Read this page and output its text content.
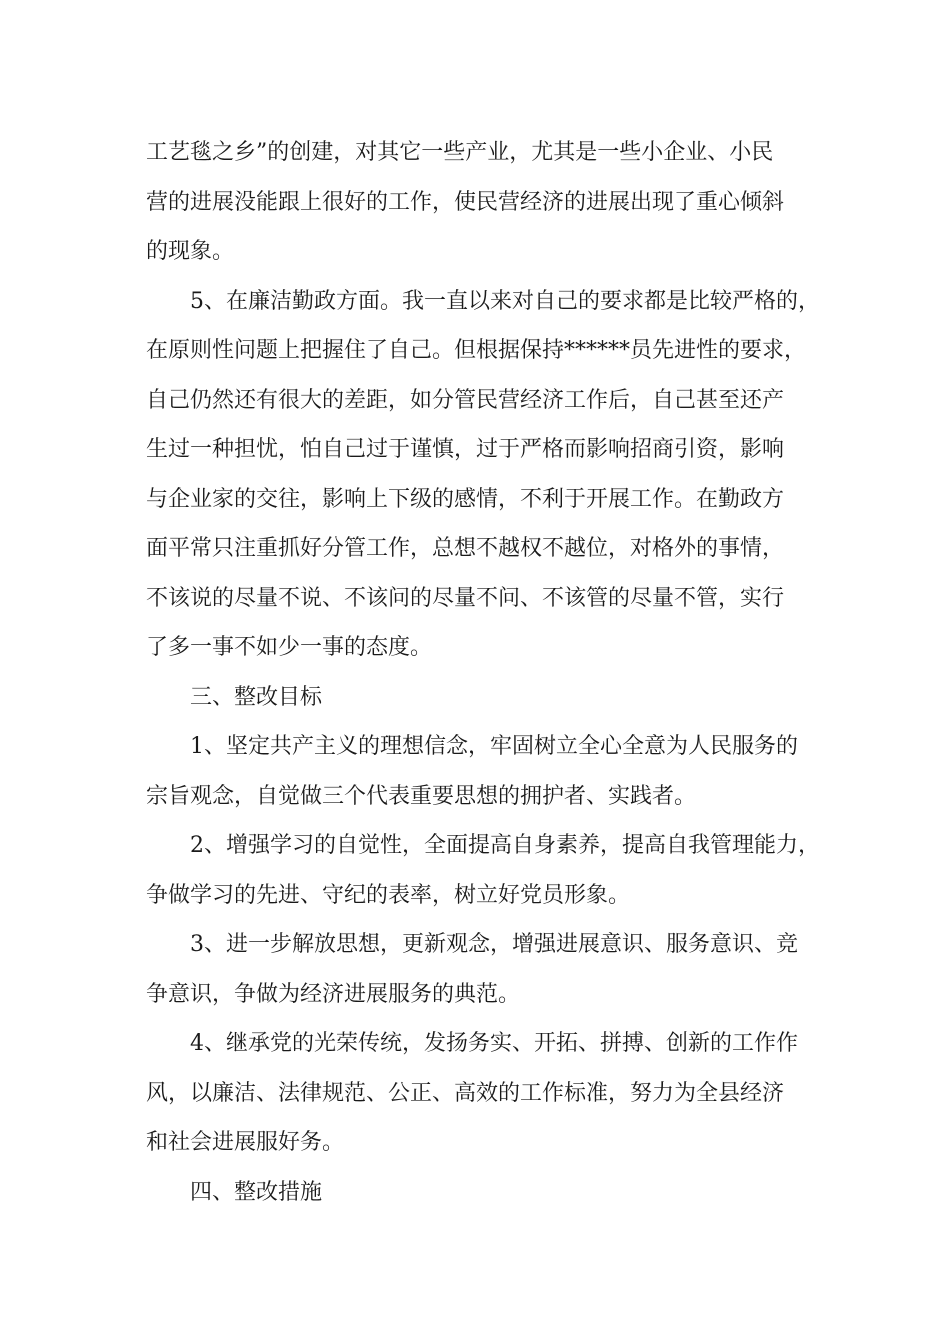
工艺毯之乡”的创建，对其它一些产业，尤其是一些小企业、小民
营的进展没能跟上很好的工作，使民营经济的进展出现了重心倾斜
的现象。
5、在廉洁勤政方面。我一直以来对自己的要求都是比较严格的，
在原则性问题上把握住了自己。但根据保持******员先进性的要求，
自己仍然还有很大的差距，如分管民营经济工作后，自己甚至还产
生过一种担忧，怕自己过于谨慎，过于严格而影响招商引资，影响
与企业家的交往，影响上下级的感情，不利于开展工作。在勤政方
面平常只注重抓好分管工作，总想不越权不越位，对格外的事情，
不该说的尽量不说、不该问的尽量不问、不该管的尽量不管，实行
了多一事不如少一事的态度。
三、整改目标
1、坚定共产主义的理想信念，牢固树立全心全意为人民服务的
宗旨观念，自觉做三个代表重要思想的拥护者、实践者。
2、增强学习的自觉性，全面提高自身素养，提高自我管理能力，
争做学习的先进、守纪的表率，树立好党员形象。
3、进一步解放思想，更新观念，增强进展意识、服务意识、竞
争意识，争做为经济进展服务的典范。
4、继承党的光荣传统，发扬务实、开拓、拼搏、创新的工作作
风，以廉洁、法律规范、公正、高效的工作标准，努力为全县经济
和社会进展服好务。
四、整改措施
